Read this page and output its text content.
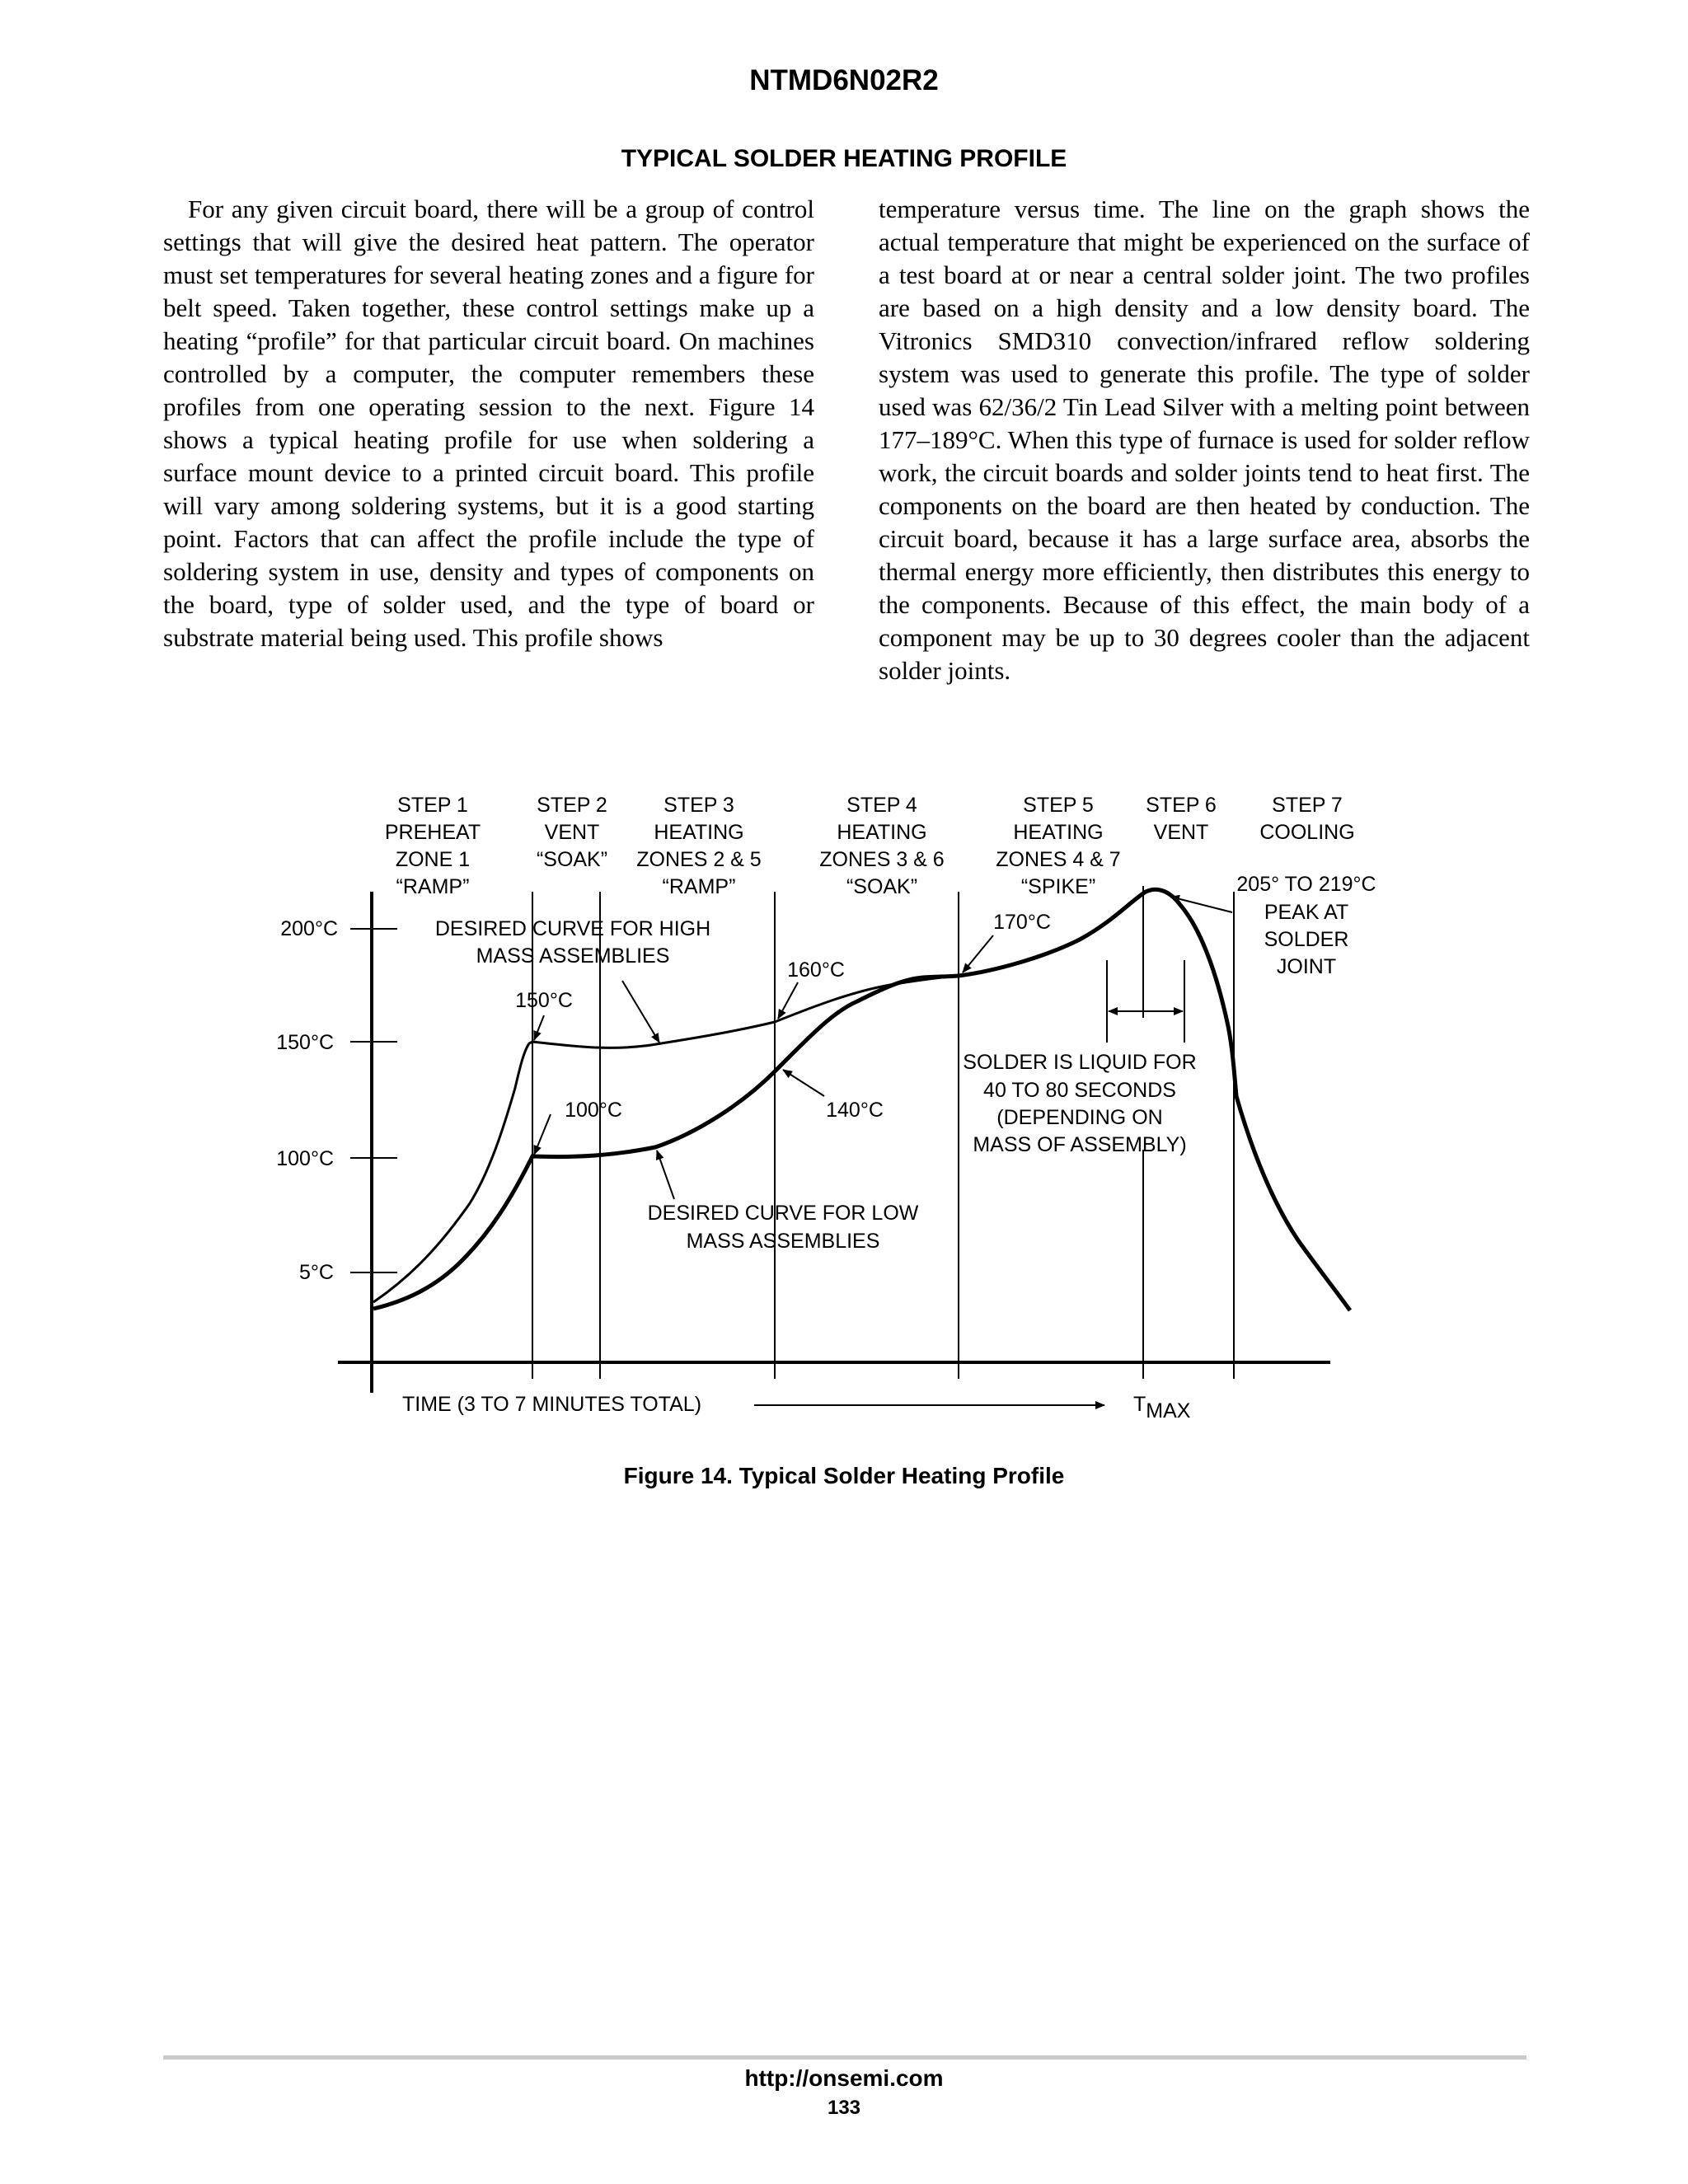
NTMD6N02R2
TYPICAL SOLDER HEATING PROFILE

For any given circuit board, there will be a group of control settings that will give the desired heat pattern. The operator must set temperatures for several heating zones and a figure for belt speed. Taken together, these control settings make up a heating “profile” for that particular circuit board. On machines controlled by a computer, the computer remembers these profiles from one operating session to the next. Figure 14 shows a typical heating profile for use when soldering a surface mount device to a printed circuit board. This profile will vary among soldering systems, but it is a good starting point. Factors that can affect the profile include the type of soldering system in use, density and types of components on the board, type of solder used, and the type of board or substrate material being used. This profile shows

temperature versus time. The line on the graph shows the actual temperature that might be experienced on the surface of a test board at or near a central solder joint. The two profiles are based on a high density and a low density board. The Vitronics SMD310 convection/infrared reflow soldering system was used to generate this profile. The type of solder used was 62/36/2 Tin Lead Silver with a melting point between 177–189°C. When this type of furnace is used for solder reflow work, the circuit boards and solder joints tend to heat first. The components on the board are then heated by conduction. The circuit board, because it has a large surface area, absorbs the thermal energy more efficiently, then distributes this energy to the components. Because of this effect, the main body of a component may be up to 30 degrees cooler than the adjacent solder joints.

200°C
150°C
100°C
5°C
STEP 1
PREHEAT
ZONE 1
“RAMP”
STEP 2
VENT
“SOAK”
STEP 3
HEATING
ZONES 2 & 5
“RAMP”
STEP 4
HEATING
ZONES 3 & 6
“SOAK”
STEP 5
HEATING
ZONES 4 & 7
“SPIKE”
STEP 6
VENT
STEP 7
COOLING
DESIRED CURVE FOR HIGH
MASS ASSEMBLIES
150°C
100°C
160°C
140°C
170°C
DESIRED CURVE FOR LOW
MASS ASSEMBLIES
205° TO 219°C
PEAK AT
SOLDER
JOINT
SOLDER IS LIQUID FOR
40 TO 80 SECONDS
(DEPENDING ON
MASS OF ASSEMBLY)
TIME (3 TO 7 MINUTES TOTAL)	TMAX
Figure 14. Typical Solder Heating Profile
http://onsemi.com
133
